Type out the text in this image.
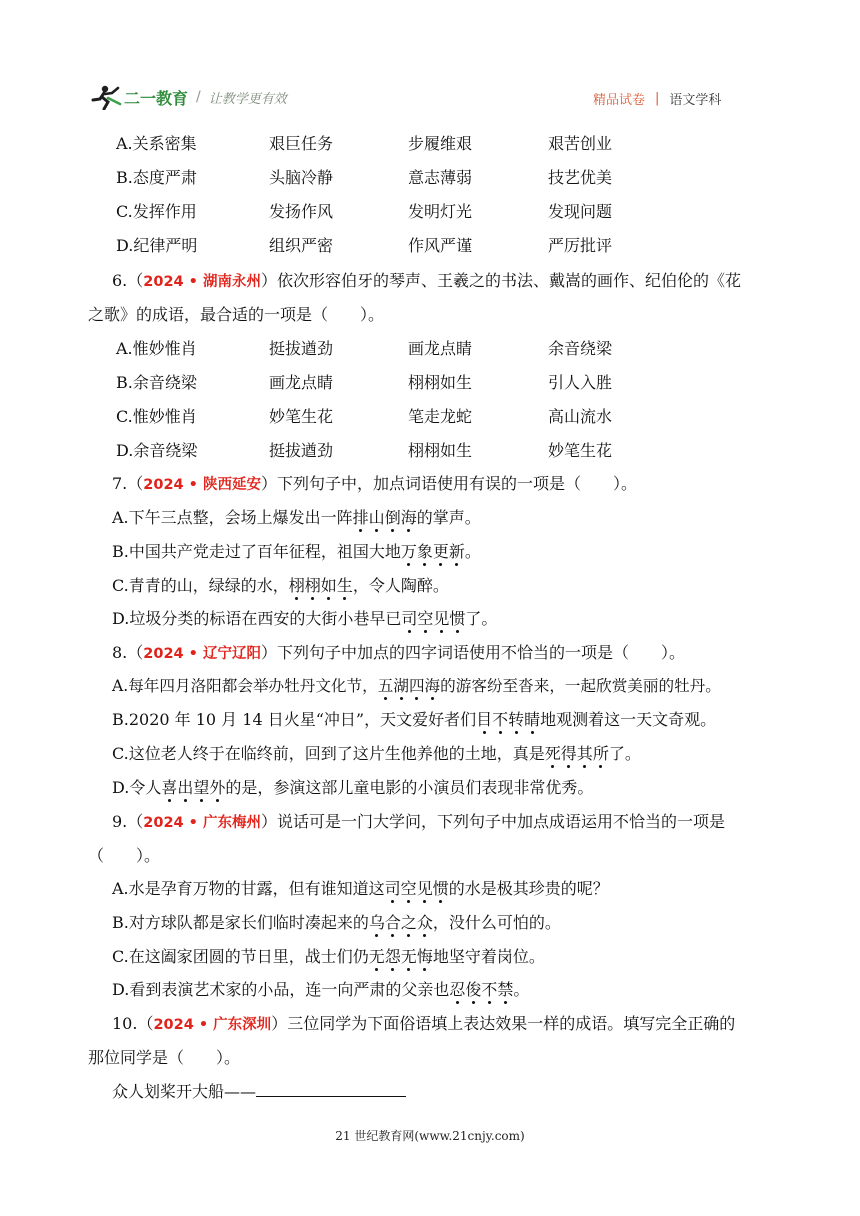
二一教育 / 让教学更有效	精品试卷 | 语文学科
A.关系密集	艰巨任务	步履维艰	艰苦创业
B.态度严肃	头脑冷静	意志薄弱	技艺优美
C.发挥作用	发扬作风	发明灯光	发现问题
D.纪律严明	组织严密	作风严谨	严厉批评
6.（2024 • 湖南永州）依次形容伯牙的琴声、王羲之的书法、戴嵩的画作、纪伯伦的《花
之歌》的成语，最合适的一项是（　　）。
A.惟妙惟肖	挺拔遒劲	画龙点睛	余音绕梁
B.余音绕梁	画龙点睛	栩栩如生	引人入胜
C.惟妙惟肖	妙笔生花	笔走龙蛇	高山流水
D.余音绕梁	挺拔遒劲	栩栩如生	妙笔生花
7.（2024 • 陕西延安）下列句子中，加点词语使用有误的一项是（　　）。
A.下午三点整，会场上爆发出一阵排山倒海的掌声。
B.中国共产党走过了百年征程，祖国大地万象更新。
C.青青的山，绿绿的水，栩栩如生，令人陶醉。
D.垃圾分类的标语在西安的大街小巷早已司空见惯了。
8.（2024 • 辽宁辽阳）下列句子中加点的四字词语使用不恰当的一项是（　　）。
A.每年四月洛阳都会举办牡丹文化节，五湖四海的游客纷至沓来，一起欣赏美丽的牡丹。
B.2020 年 10 月 14 日火星“冲日”，天文爱好者们目不转睛地观测着这一天文奇观。
C.这位老人终于在临终前，回到了这片生他养他的土地，真是死得其所了。
D.令人喜出望外的是，参演这部儿童电影的小演员们表现非常优秀。
9.（2024 • 广东梅州）说话可是一门大学问，下列句子中加点成语运用不恰当的一项是
（　　）。
A.水是孕育万物的甘露，但有谁知道这司空见惯的水是极其珍贵的呢？
B.对方球队都是家长们临时凑起来的乌合之众，没什么可怕的。
C.在这阖家团圆的节日里，战士们仍无怨无悔地坚守着岗位。
D.看到表演艺术家的小品，连一向严肃的父亲也忍俊不禁。
10.（2024 • 广东深圳）三位同学为下面俗语填上表达效果一样的成语。填写完全正确的
那位同学是（　　）。
众人划桨开大船——
21 世纪教育网(www.21cnjy.com)
